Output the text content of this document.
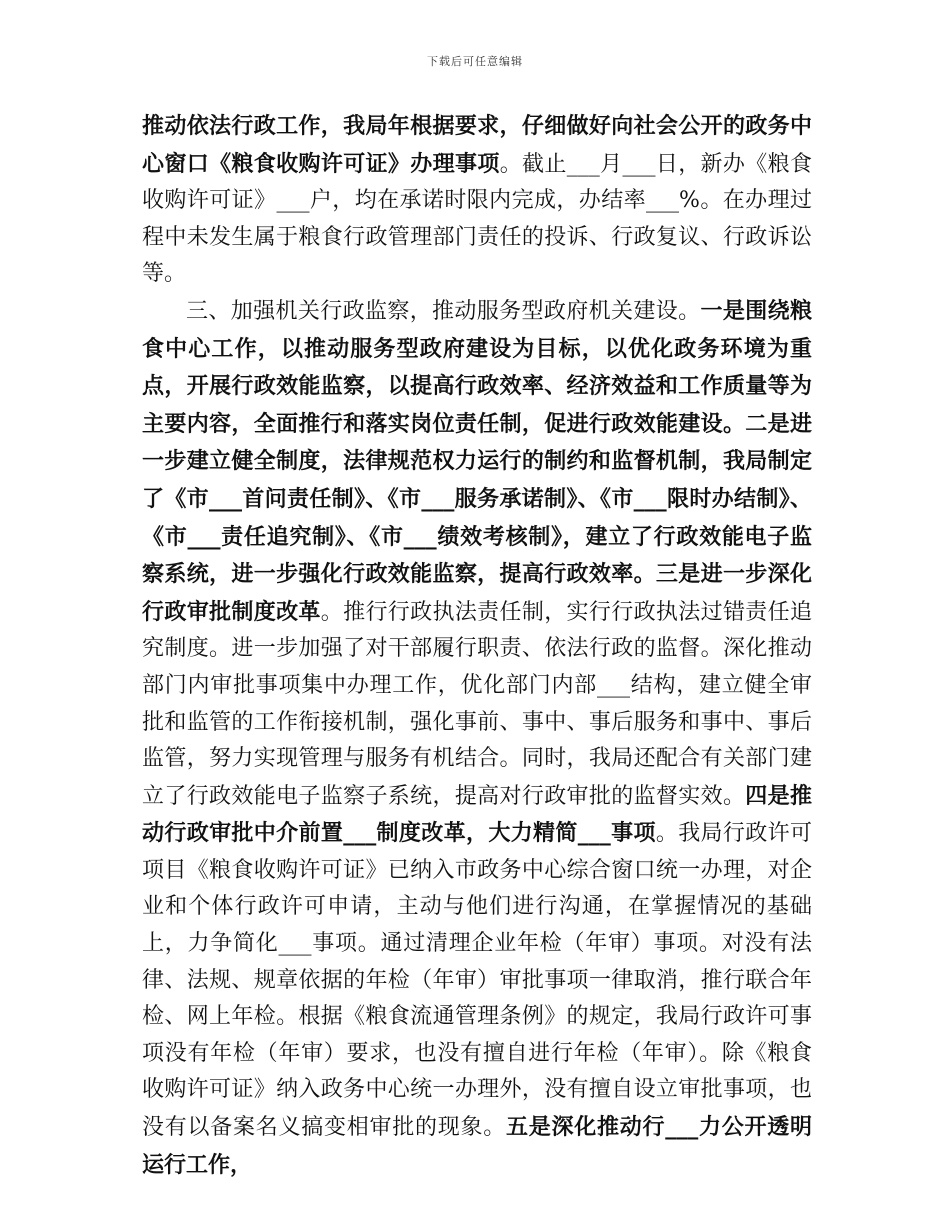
下载后可任意编辑

推动依法行政工作，我局年根据要求，仔细做好向社会公开的政务中心窗口《粮食收购许可证》办理事项。截止___月___日，新办《粮食收购许可证》___户，均在承诺时限内完成，办结率___%。在办理过程中未发生属于粮食行政管理部门责任的投诉、行政复议、行政诉讼等。

三、加强机关行政监察，推动服务型政府机关建设。一是围绕粮食中心工作，以推动服务型政府建设为目标，以优化政务环境为重点，开展行政效能监察，以提高行政效率、经济效益和工作质量等为主要内容，全面推行和落实岗位责任制，促进行政效能建设。二是进一步建立健全制度，法律规范权力运行的制约和监督机制，我局制定了《市___首问责任制》、《市___服务承诺制》、《市___限时办结制》、《市___责任追究制》、《市___绩效考核制》，建立了行政效能电子监察系统，进一步强化行政效能监察，提高行政效率。三是进一步深化行政审批制度改革。推行行政执法责任制，实行行政执法过错责任追究制度。进一步加强了对干部履行职责、依法行政的监督。深化推动部门内审批事项集中办理工作，优化部门内部___结构，建立健全审批和监管的工作衔接机制，强化事前、事中、事后服务和事中、事后监管，努力实现管理与服务有机结合。同时，我局还配合有关部门建立了行政效能电子监察子系统，提高对行政审批的监督实效。四是推动行政审批中介前置___制度改革，大力精简___事项。我局行政许可项目《粮食收购许可证》已纳入市政务中心综合窗口统一办理，对企业和个体行政许可申请，主动与他们进行沟通，在掌握情况的基础上，力争简化___事项。通过清理企业年检（年审）事项。对没有法律、法规、规章依据的年检（年审）审批事项一律取消，推行联合年检、网上年检。根据《粮食流通管理条例》的规定，我局行政许可事项没有年检（年审）要求，也没有擅自进行年检（年审）。除《粮食收购许可证》纳入政务中心统一办理外，没有擅自设立审批事项，也没有以备案名义搞变相审批的现象。五是深化推动行___力公开透明运行工作，
